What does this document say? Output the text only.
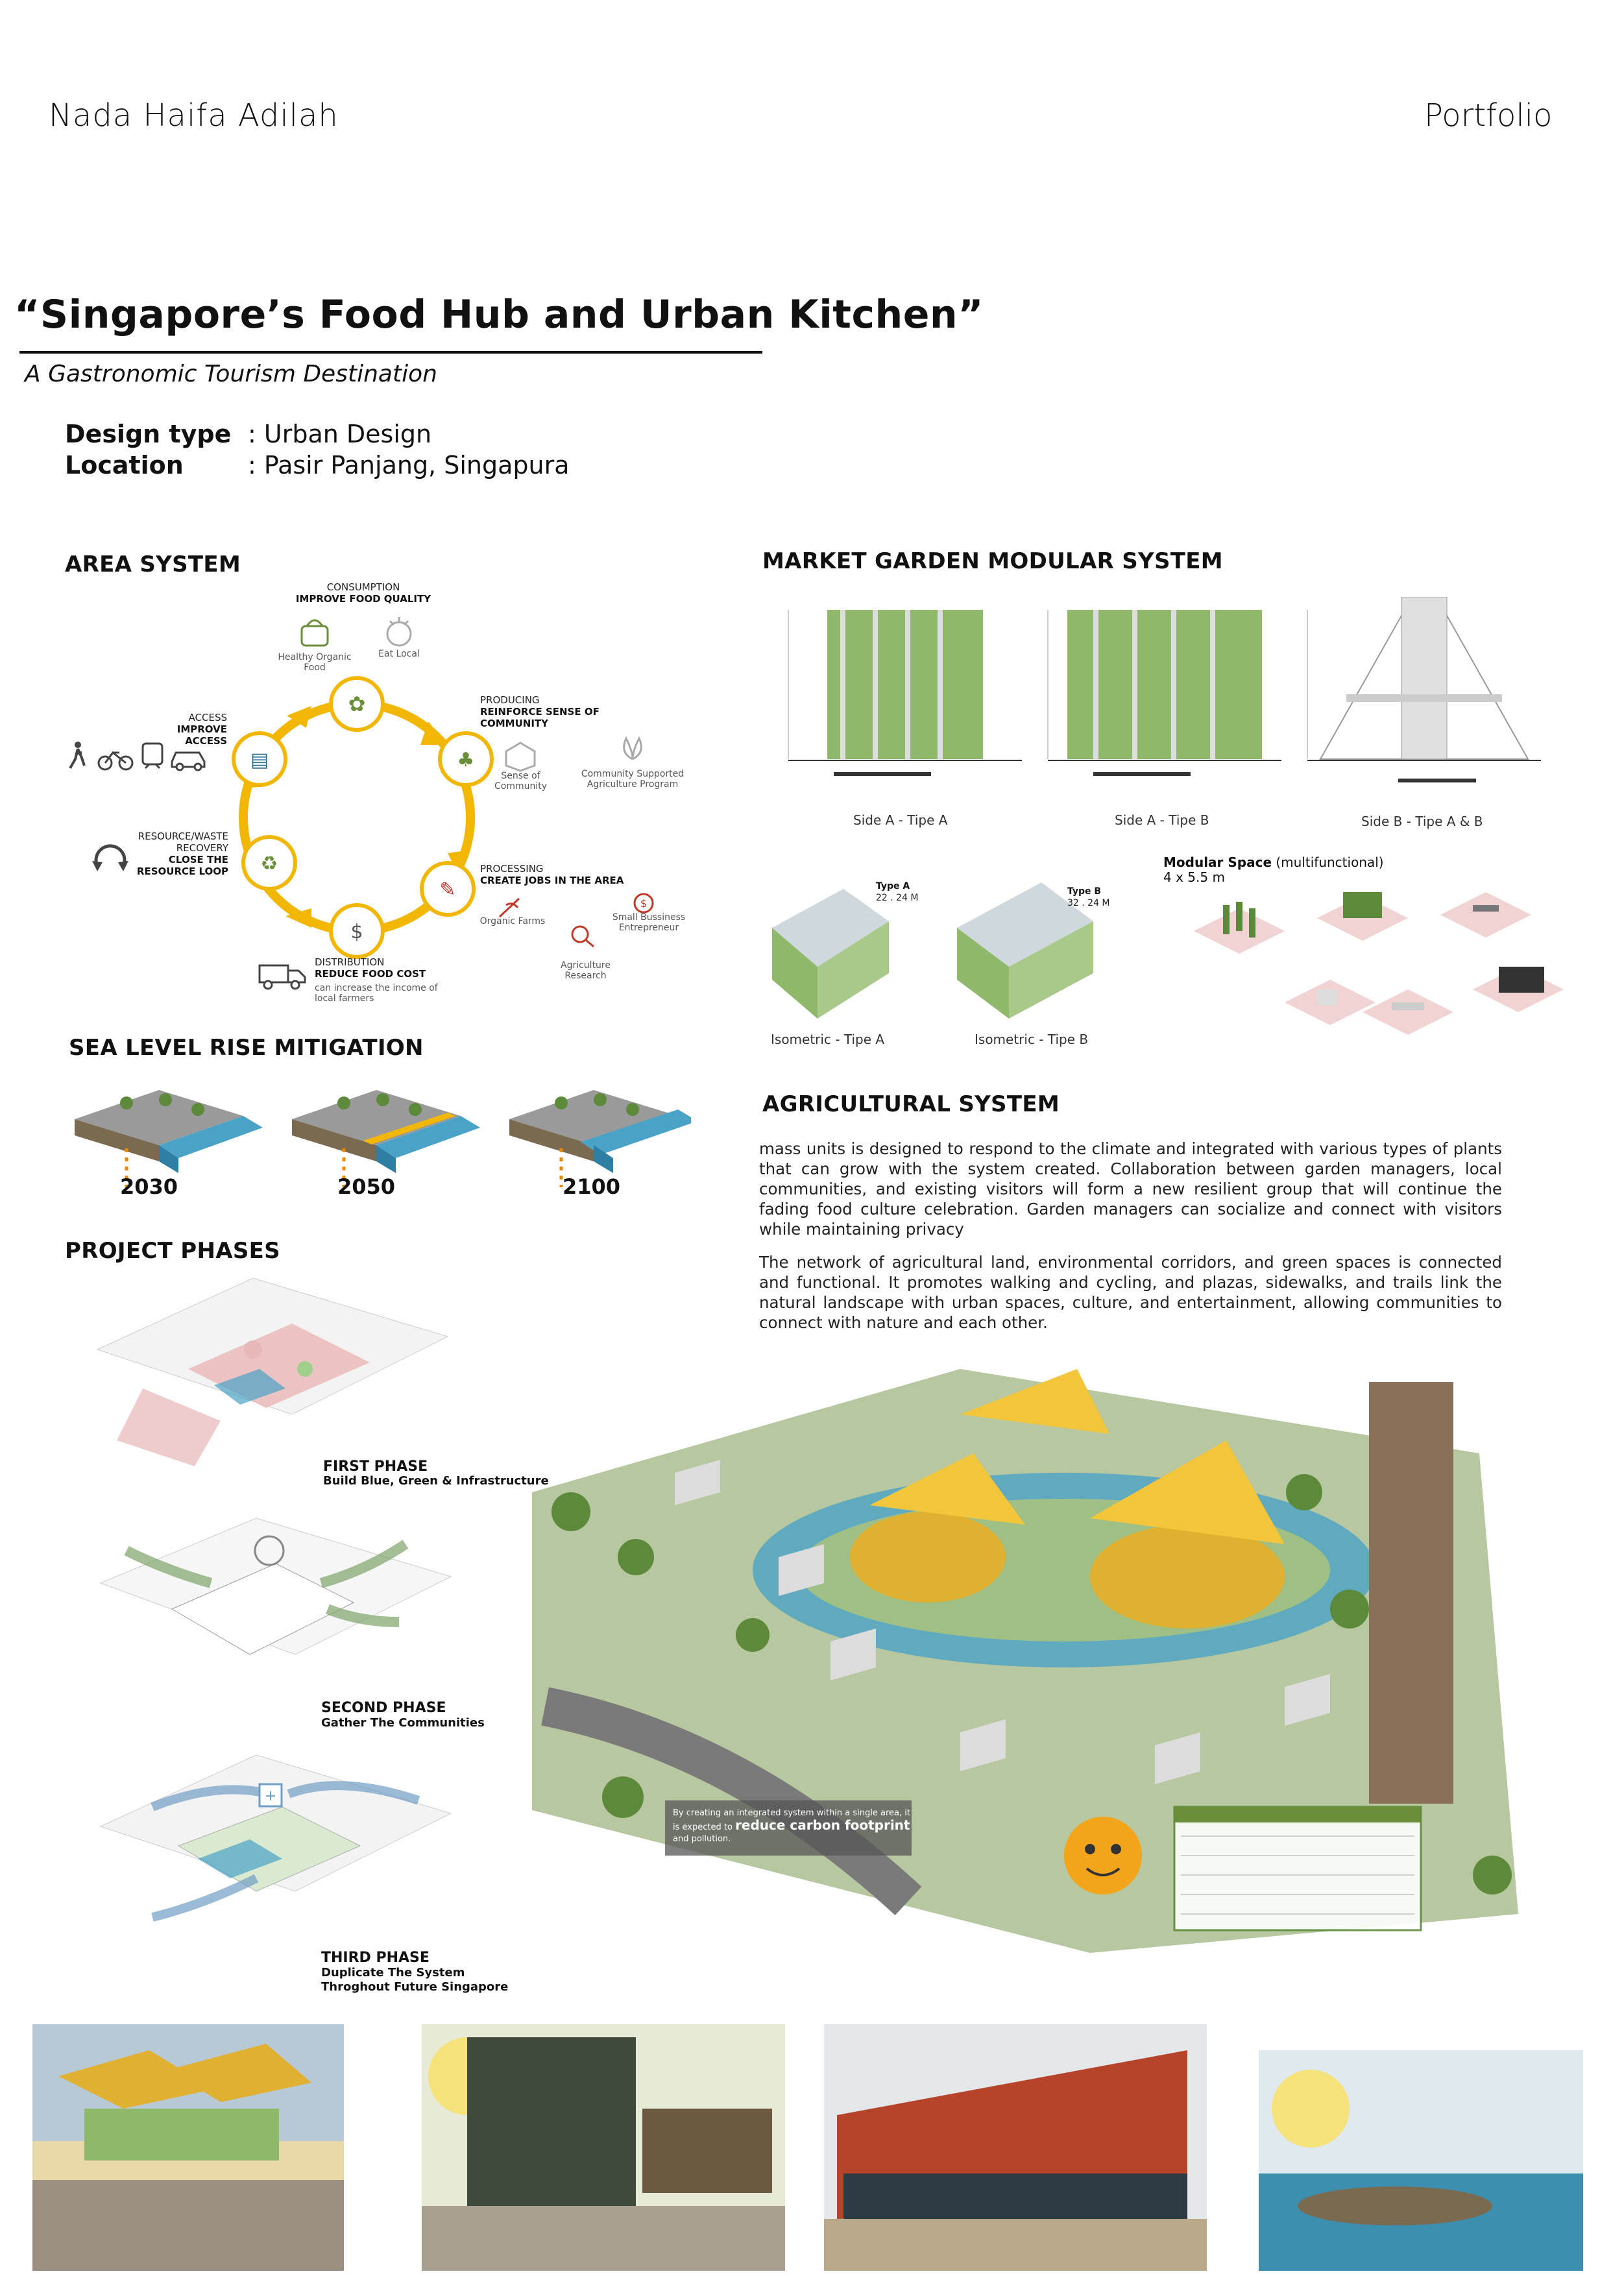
Nada Haifa Adilah	Portfolio
“Singapore’s Food Hub and Urban Kitchen”
A Gastronomic Tourism Destination
Design type : Urban Design
Location	: Pasir Panjang, Singapura
AREA SYSTEM
✿
♣
✎
$
♻
▤
CONSUMPTION
IMPROVE FOOD QUALITY
Healthy Organic Food
Eat Local
PRODUCING
REINFORCE SENSE OF COMMUNITY
Sense of Community
Community Supported Agriculture Program
PROCESSING
CREATE JOBS IN THE AREA
Organic Farms
$
Small Bussiness Entrepreneur
Agriculture Research
DISTRIBUTION
REDUCE FOOD COST
can increase the income of local farmers
RESOURCE/WASTE RECOVERY
CLOSE THE RESOURCE LOOP
ACCESS
IMPROVE ACCESS
SEA LEVEL RISE MITIGATION
2030	2050	2100
PROJECT PHASES
FIRST PHASE
Build Blue, Green & Infrastructure
SECOND PHASE
Gather The Communities
+
THIRD PHASE
Duplicate The System Throghout Future Singapore
MARKET GARDEN MODULAR SYSTEM
Side A - Tipe A	Side A - Tipe B	Side B - Tipe A & B
Type A
22 . 24 M
Type B
32 . 24 M
Isometric - Tipe A	Isometric - Tipe B
Modular Space (multifunctional)
4 x 5.5 m
AGRICULTURAL SYSTEM
mass units is designed to respond to the climate and integrated with various types of plants that can grow with the system created. Collaboration between garden managers, local communities, and existing visitors will form a new resilient group that will continue the fading food culture celebration. Garden managers can socialize and connect with visitors while maintaining privacy
The network of agricultural land, environmental corridors, and green spaces is connected and functional. It promotes walking and cycling, and plazas, sidewalks, and trails link the natural landscape with urban spaces, culture, and entertainment, allowing communities to connect with nature and each other.
By creating an integrated system within a single area, it is expected to reduce carbon footprint and pollution.
